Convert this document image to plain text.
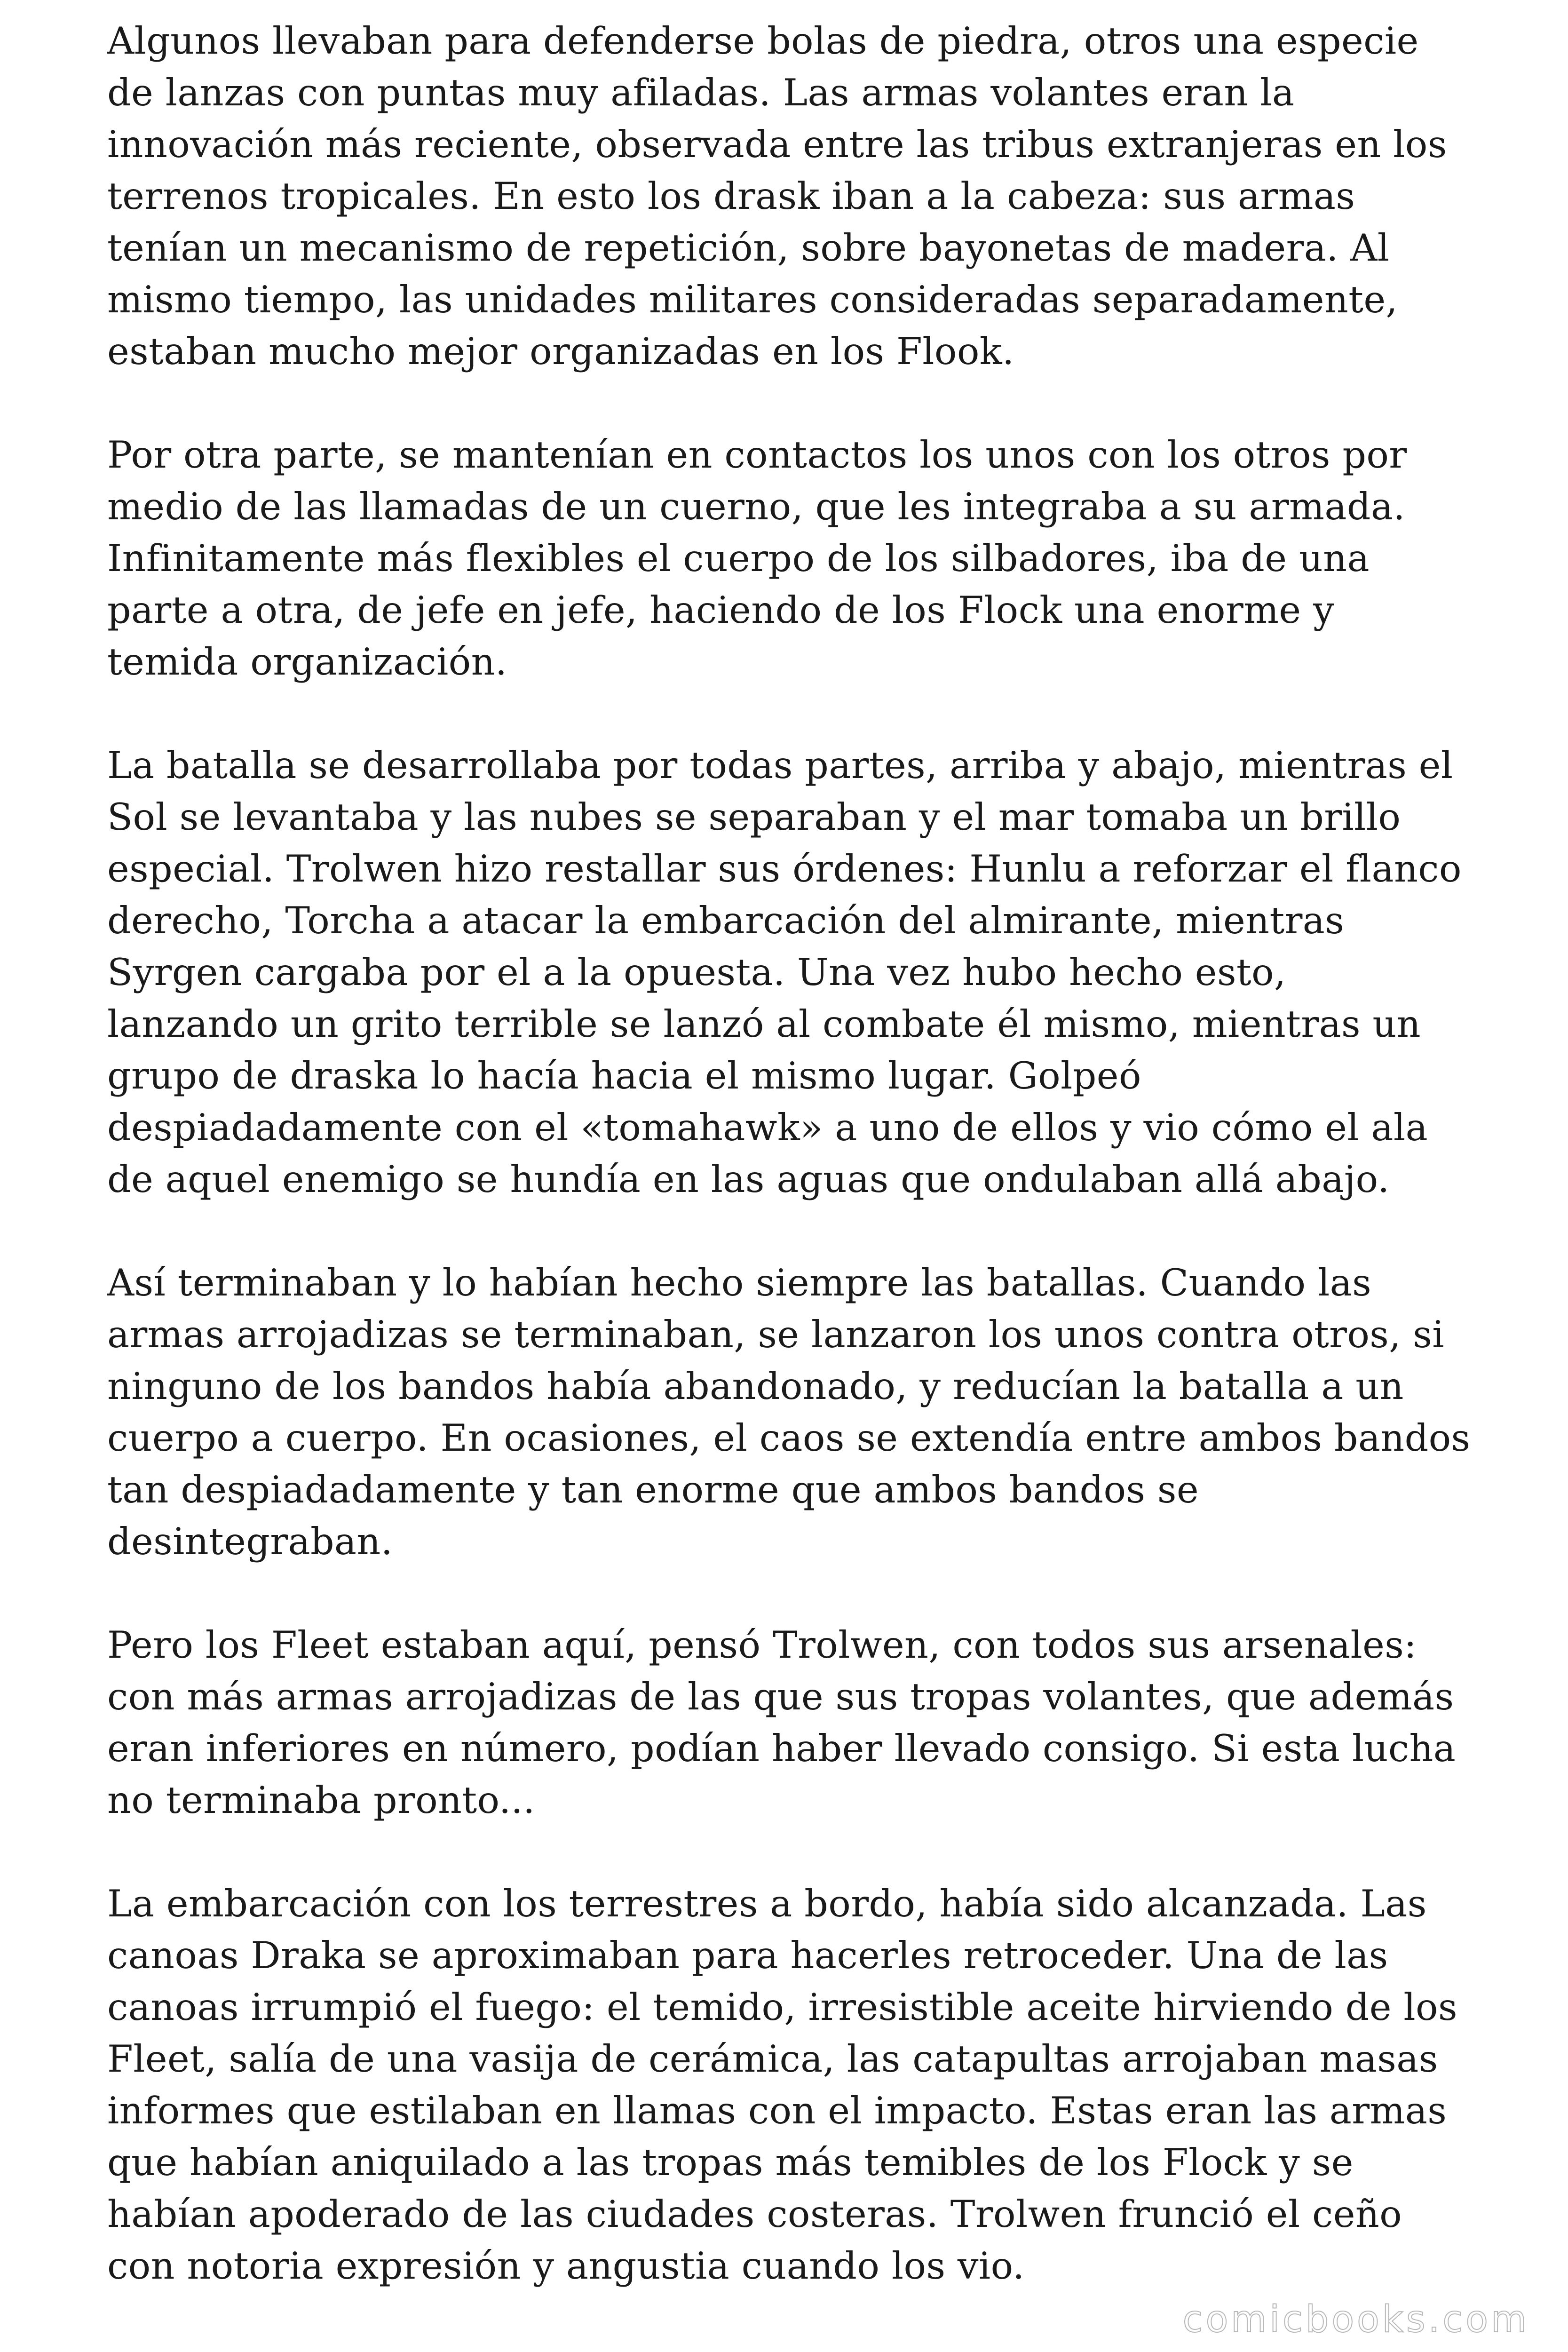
Algunos llevaban para defenderse bolas de piedra, otros una especie
de lanzas con puntas muy afiladas. Las armas volantes eran la
innovación más reciente, observada entre las tribus extranjeras en los
terrenos tropicales. En esto los drask iban a la cabeza: sus armas
tenían un mecanismo de repetición, sobre bayonetas de madera. Al
mismo tiempo, las unidades militares consideradas separadamente,
estaban mucho mejor organizadas en los Flook.

Por otra parte, se mantenían en contactos los unos con los otros por
medio de las llamadas de un cuerno, que les integraba a su armada.
Infinitamente más flexibles el cuerpo de los silbadores, iba de una
parte a otra, de jefe en jefe, haciendo de los Flock una enorme y
temida organización.

La batalla se desarrollaba por todas partes, arriba y abajo, mientras el
Sol se levantaba y las nubes se separaban y el mar tomaba un brillo
especial. Trolwen hizo restallar sus órdenes: Hunlu a reforzar el flanco
derecho, Torcha a atacar la embarcación del almirante, mientras
Syrgen cargaba por el a la opuesta. Una vez hubo hecho esto,
lanzando un grito terrible se lanzó al combate él mismo, mientras un
grupo de draska lo hacía hacia el mismo lugar. Golpeó
despiadadamente con el «tomahawk» a uno de ellos y vio cómo el ala
de aquel enemigo se hundía en las aguas que ondulaban allá abajo.

Así terminaban y lo habían hecho siempre las batallas. Cuando las
armas arrojadizas se terminaban, se lanzaron los unos contra otros, si
ninguno de los bandos había abandonado, y reducían la batalla a un
cuerpo a cuerpo. En ocasiones, el caos se extendía entre ambos bandos
tan despiadadamente y tan enorme que ambos bandos se
desintegraban.

Pero los Fleet estaban aquí, pensó Trolwen, con todos sus arsenales:
con más armas arrojadizas de las que sus tropas volantes, que además
eran inferiores en número, podían haber llevado consigo. Si esta lucha
no terminaba pronto...

La embarcación con los terrestres a bordo, había sido alcanzada. Las
canoas Draka se aproximaban para hacerles retroceder. Una de las
canoas irrumpió el fuego: el temido, irresistible aceite hirviendo de los
Fleet, salía de una vasija de cerámica, las catapultas arrojaban masas
informes que estilaban en llamas con el impacto. Estas eran las armas
que habían aniquilado a las tropas más temibles de los Flock y se
habían apoderado de las ciudades costeras. Trolwen frunció el ceño
con notoria expresión y angustia cuando los vio.

comicbooks.com
